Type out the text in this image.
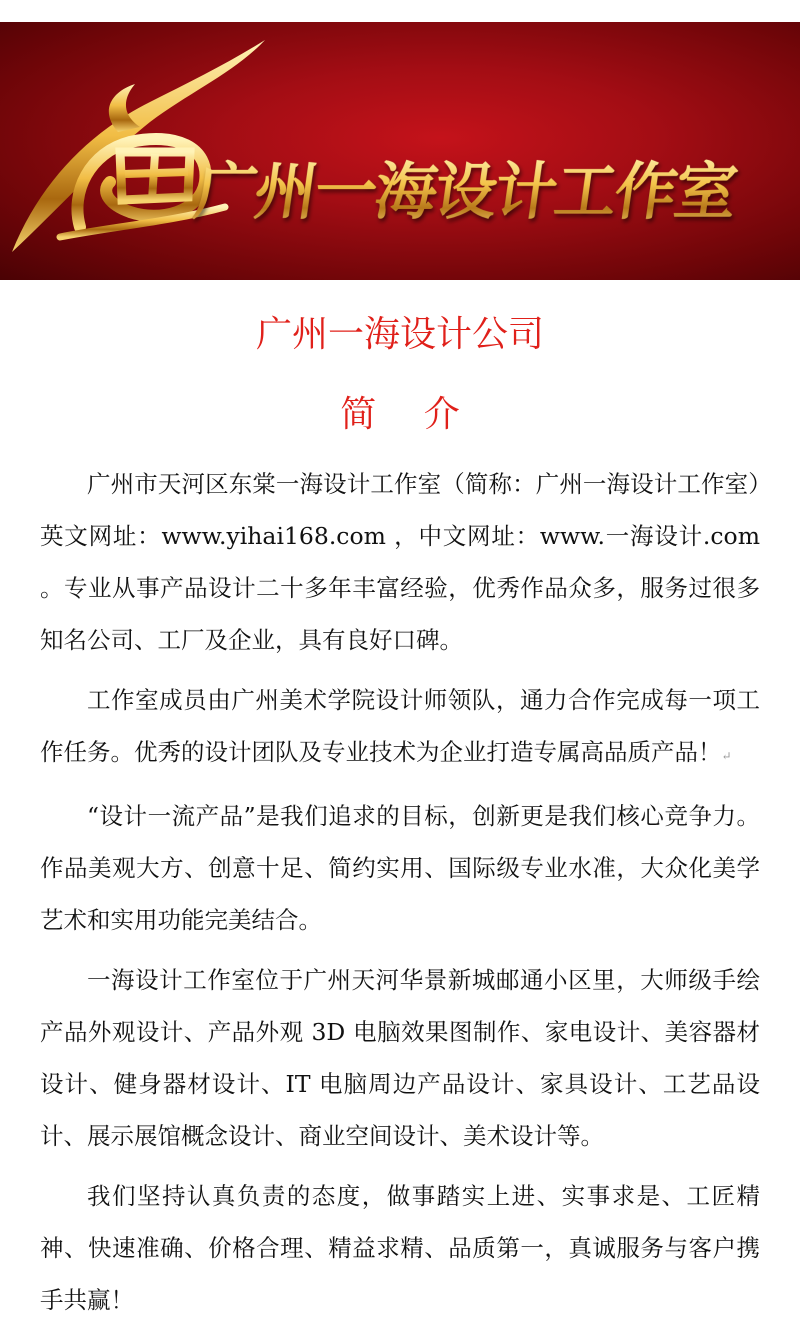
广州一海设计工作室
广州一海设计公司
简 介

广州市天河区东棠一海设计工作室（简称：广州一海设计工作室）英文网址：www.yihai168.com ，中文网址：www.一海设计.com 。专业从事产品设计二十多年丰富经验，优秀作品众多，服务过很多知名公司、工厂及企业，具有良好口碑。

工作室成员由广州美术学院设计师领队，通力合作完成每一项工作任务。优秀的设计团队及专业技术为企业打造专属高品质产品！↵

“设计一流产品”是我们追求的目标，创新更是我们核心竞争力。作品美观大方、创意十足、简约实用、国际级专业水准，大众化美学艺术和实用功能完美结合。

一海设计工作室位于广州天河华景新城邮通小区里，大师级手绘产品外观设计、产品外观 3D 电脑效果图制作、家电设计、美容器材设计、健身器材设计、IT 电脑周边产品设计、家具设计、工艺品设计、展示展馆概念设计、商业空间设计、美术设计等。

我们坚持认真负责的态度，做事踏实上进、实事求是、工匠精神、快速准确、价格合理、精益求精、品质第一，真诚服务与客户携手共赢！
